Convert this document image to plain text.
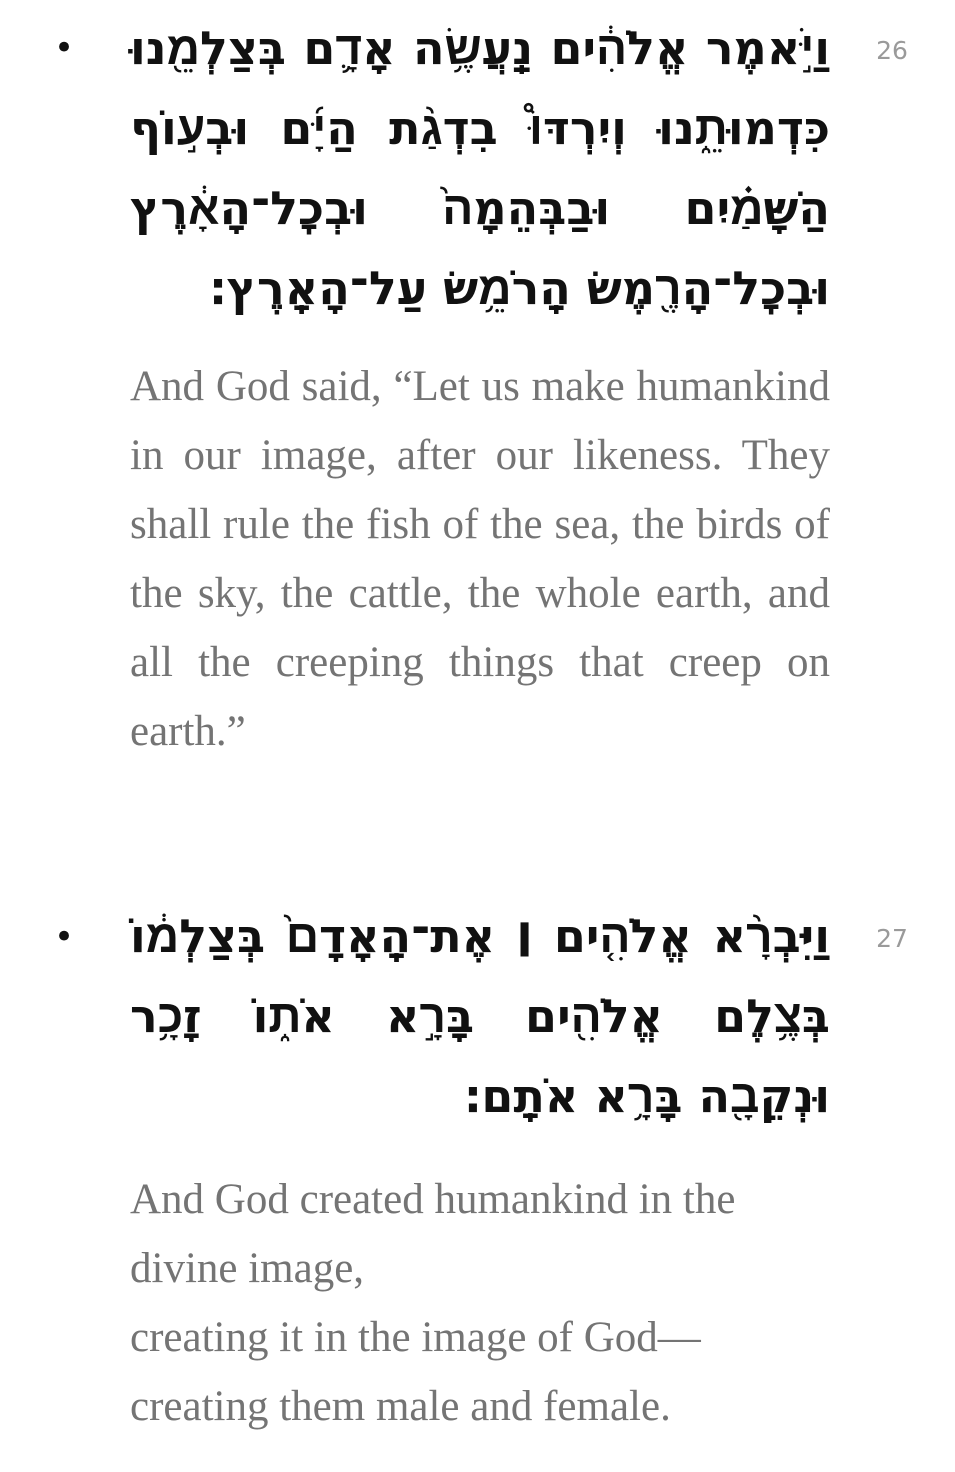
•	26

וַיֹּ֣אמֶר אֱלֹהִ֔ים נַֽעֲשֶׂ֥ה אָדָ֛ם בְּצַלְמֵ֖נוּ כִּדְמוּתֵ֑נוּ וְיִרְדּוּ֩ בִדְגַ֨ת הַיָּ֜ם וּבְע֣וֹף הַשָּׁמַ֗יִם וּבַבְּהֵמָה֙ וּבְכׇל־הָאָ֔רֶץ וּבְכׇל־הָרֶ֖מֶשׂ הָֽרֹמֵ֥שׂ עַל־הָאָֽרֶץ׃

And God said, “Let us make humankind in our image, after our likeness. They shall rule the fish of the sea, the birds of the sky, the cattle, the whole earth, and all the creeping things that creep on earth.”

•	27

וַיִּבְרָ֨א אֱלֹהִ֤ים ׀ אֶת־הָֽאָדָם֙ בְּצַלְמ֔וֹ בְּצֶ֥לֶם אֱלֹהִ֖ים בָּרָ֣א אֹת֑וֹ זָכָ֥ר וּנְקֵבָ֖ה בָּרָ֥א אֹתָֽם׃

And God created humankind in the divine image,
creating it in the image of God—
creating them male and female.
